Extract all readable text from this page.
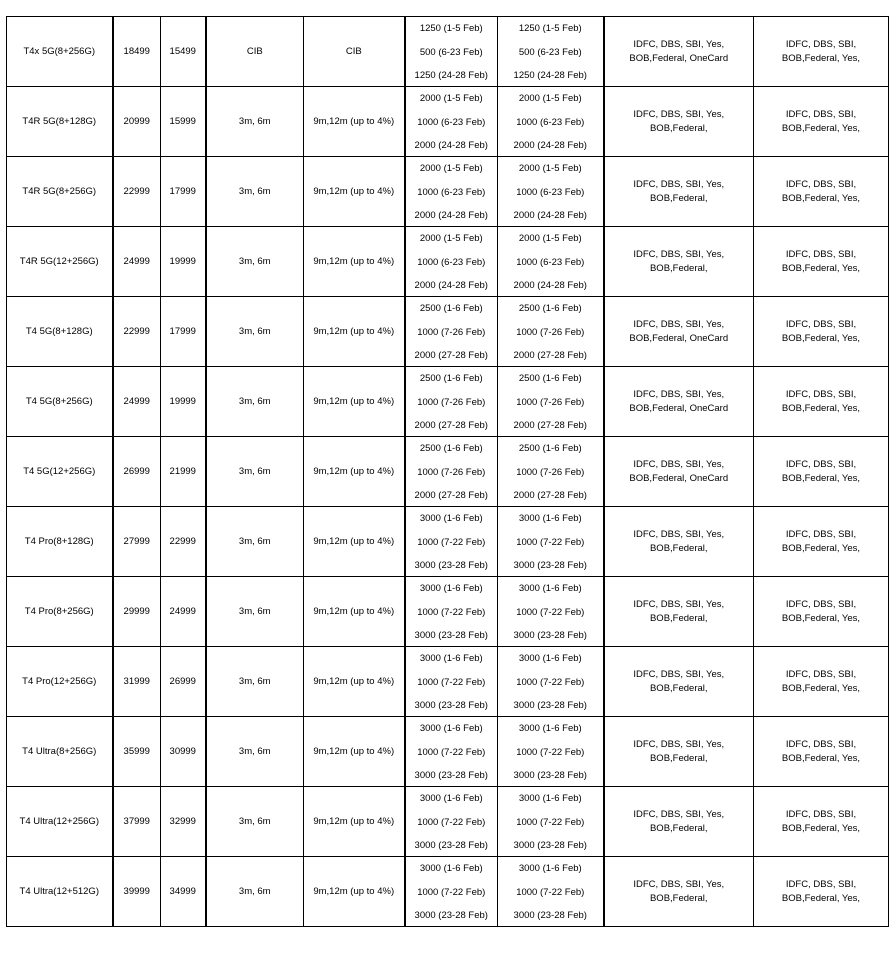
T4x 5G(8+256G)	18499	15499	CIB	CIB	1250 (1-5 Feb)
500 (6-23 Feb)
1250 (24-28 Feb)	1250 (1-5 Feb)
500 (6-23 Feb)
1250 (24-28 Feb)	IDFC, DBS, SBI, Yes, BOB,Federal, OneCard	IDFC, DBS, SBI, BOB,Federal, Yes,

T4R 5G(8+128G)	20999	15999	3m, 6m	9m,12m (up to 4%)	2000 (1-5 Feb)
1000 (6-23 Feb)
2000 (24-28 Feb)	2000 (1-5 Feb)
1000 (6-23 Feb)
2000 (24-28 Feb)	IDFC, DBS, SBI, Yes, BOB,Federal,	IDFC, DBS, SBI, BOB,Federal, Yes,

T4R 5G(8+256G)	22999	17999	3m, 6m	9m,12m (up to 4%)	2000 (1-5 Feb)
1000 (6-23 Feb)
2000 (24-28 Feb)	2000 (1-5 Feb)
1000 (6-23 Feb)
2000 (24-28 Feb)	IDFC, DBS, SBI, Yes, BOB,Federal,	IDFC, DBS, SBI, BOB,Federal, Yes,

T4R 5G(12+256G)	24999	19999	3m, 6m	9m,12m (up to 4%)	2000 (1-5 Feb)
1000 (6-23 Feb)
2000 (24-28 Feb)	2000 (1-5 Feb)
1000 (6-23 Feb)
2000 (24-28 Feb)	IDFC, DBS, SBI, Yes, BOB,Federal,	IDFC, DBS, SBI, BOB,Federal, Yes,

T4 5G(8+128G)	22999	17999	3m, 6m	9m,12m (up to 4%)	2500 (1-6 Feb)
1000 (7-26 Feb)
2000 (27-28 Feb)	2500 (1-6 Feb)
1000 (7-26 Feb)
2000 (27-28 Feb)	IDFC, DBS, SBI, Yes, BOB,Federal, OneCard	IDFC, DBS, SBI, BOB,Federal, Yes,

T4 5G(8+256G)	24999	19999	3m, 6m	9m,12m (up to 4%)	2500 (1-6 Feb)
1000 (7-26 Feb)
2000 (27-28 Feb)	2500 (1-6 Feb)
1000 (7-26 Feb)
2000 (27-28 Feb)	IDFC, DBS, SBI, Yes, BOB,Federal, OneCard	IDFC, DBS, SBI, BOB,Federal, Yes,

T4 5G(12+256G)	26999	21999	3m, 6m	9m,12m (up to 4%)	2500 (1-6 Feb)
1000 (7-26 Feb)
2000 (27-28 Feb)	2500 (1-6 Feb)
1000 (7-26 Feb)
2000 (27-28 Feb)	IDFC, DBS, SBI, Yes, BOB,Federal, OneCard	IDFC, DBS, SBI, BOB,Federal, Yes,

T4 Pro(8+128G)	27999	22999	3m, 6m	9m,12m (up to 4%)	3000 (1-6 Feb)
1000 (7-22 Feb)
3000 (23-28 Feb)	3000 (1-6 Feb)
1000 (7-22 Feb)
3000 (23-28 Feb)	IDFC, DBS, SBI, Yes, BOB,Federal,	IDFC, DBS, SBI, BOB,Federal, Yes,

T4 Pro(8+256G)	29999	24999	3m, 6m	9m,12m (up to 4%)	3000 (1-6 Feb)
1000 (7-22 Feb)
3000 (23-28 Feb)	3000 (1-6 Feb)
1000 (7-22 Feb)
3000 (23-28 Feb)	IDFC, DBS, SBI, Yes, BOB,Federal,	IDFC, DBS, SBI, BOB,Federal, Yes,

T4 Pro(12+256G)	31999	26999	3m, 6m	9m,12m (up to 4%)	3000 (1-6 Feb)
1000 (7-22 Feb)
3000 (23-28 Feb)	3000 (1-6 Feb)
1000 (7-22 Feb)
3000 (23-28 Feb)	IDFC, DBS, SBI, Yes, BOB,Federal,	IDFC, DBS, SBI, BOB,Federal, Yes,

T4 Ultra(8+256G)	35999	30999	3m, 6m	9m,12m (up to 4%)	3000 (1-6 Feb)
1000 (7-22 Feb)
3000 (23-28 Feb)	3000 (1-6 Feb)
1000 (7-22 Feb)
3000 (23-28 Feb)	IDFC, DBS, SBI, Yes, BOB,Federal,	IDFC, DBS, SBI, BOB,Federal, Yes,

T4 Ultra(12+256G)	37999	32999	3m, 6m	9m,12m (up to 4%)	3000 (1-6 Feb)
1000 (7-22 Feb)
3000 (23-28 Feb)	3000 (1-6 Feb)
1000 (7-22 Feb)
3000 (23-28 Feb)	IDFC, DBS, SBI, Yes, BOB,Federal,	IDFC, DBS, SBI, BOB,Federal, Yes,

T4 Ultra(12+512G)	39999	34999	3m, 6m	9m,12m (up to 4%)	3000 (1-6 Feb)
1000 (7-22 Feb)
3000 (23-28 Feb)	3000 (1-6 Feb)
1000 (7-22 Feb)
3000 (23-28 Feb)	IDFC, DBS, SBI, Yes, BOB,Federal,	IDFC, DBS, SBI, BOB,Federal, Yes,
